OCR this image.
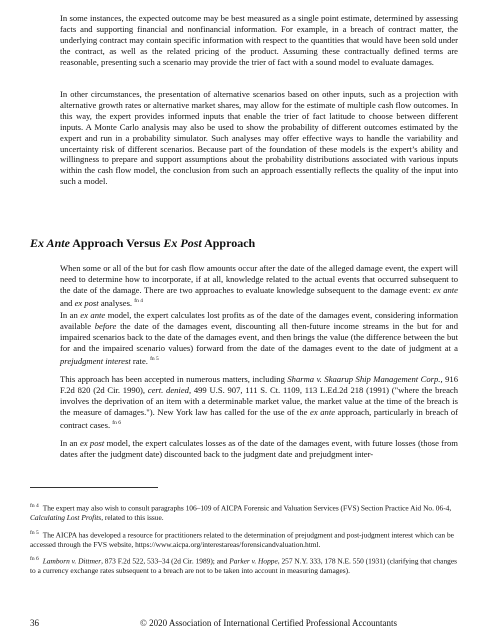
In some instances, the expected outcome may be best measured as a single point estimate, determined by assessing facts and supporting financial and nonfinancial information. For example, in a breach of contract matter, the underlying contract may contain specific information with respect to the quantities that would have been sold under the contract, as well as the related pricing of the product. Assuming these contractually defined terms are reasonable, presenting such a scenario may provide the trier of fact with a sound model to evaluate damages.

In other circumstances, the presentation of alternative scenarios based on other inputs, such as a projection with alternative growth rates or alternative market shares, may allow for the estimate of multiple cash flow outcomes. In this way, the expert provides informed inputs that enable the trier of fact latitude to choose between different inputs. A Monte Carlo analysis may also be used to show the probability of different outcomes estimated by the expert and run in a probability simulator. Such analyses may offer effective ways to handle the variability and uncertainty risk of different scenarios. Because part of the foundation of these models is the expert’s ability and willingness to prepare and support assumptions about the probability distributions associated with various inputs within the cash flow model, the conclusion from such an approach essentially reflects the quality of the input into such a model.

Ex Ante Approach Versus Ex Post Approach

When some or all of the but for cash flow amounts occur after the date of the alleged damage event, the expert will need to determine how to incorporate, if at all, knowledge related to the actual events that occurred subsequent to the date of the damage. There are two approaches to evaluate knowledge subsequent to the damage event: ex ante and ex post analyses. $^{fn 4}$

In an ex ante model, the expert calculates lost profits as of the date of the damages event, considering information available before the date of the damages event, discounting all then-future income streams in the but for and impaired scenarios back to the date of the damages event, and then brings the value (the difference between the but for and the impaired scenario values) forward from the date of the damages event to the date of judgment at a prejudgment interest rate. $^{fn 5}$

This approach has been accepted in numerous matters, including Sharma v. Skaarup Ship Management Corp., 916 F.2d 820 (2d Cir. 1990), cert. denied, 499 U.S. 907, 111 S. Ct. 1109, 113 L.Ed.2d 218 (1991) ("where the breach involves the deprivation of an item with a determinable market value, the market value at the time of the breach is the measure of damages."). New York law has called for the use of the ex ante approach, particularly in breach of contract cases. $^{fn 6}$

In an ex post model, the expert calculates losses as of the date of the damages event, with future losses (those from dates after the judgment date) discounted back to the judgment date and prejudgment inter-

$^{fn 4}$ The expert may also wish to consult paragraphs 106–109 of AICPA Forensic and Valuation Services (FVS) Section Practice Aid No. 06-4, Calculating Lost Profits, related to this issue.

$^{fn 5}$ The AICPA has developed a resource for practitioners related to the determination of prejudgment and post-judgment interest which can be accessed through the FVS website, https://www.aicpa.org/interestareas/forensicandvaluation.html.

$^{fn 6}$ Lamborn v. Dittmer, 873 F.2d 522, 533–34 (2d Cir. 1989); and Parker v. Hoppe, 257 N.Y. 333, 178 N.E. 550 (1931) (clarifying that changes to a currency exchange rates subsequent to a breach are not to be taken into account in measuring damages).

36	© 2020 Association of International Certified Professional Accountants
